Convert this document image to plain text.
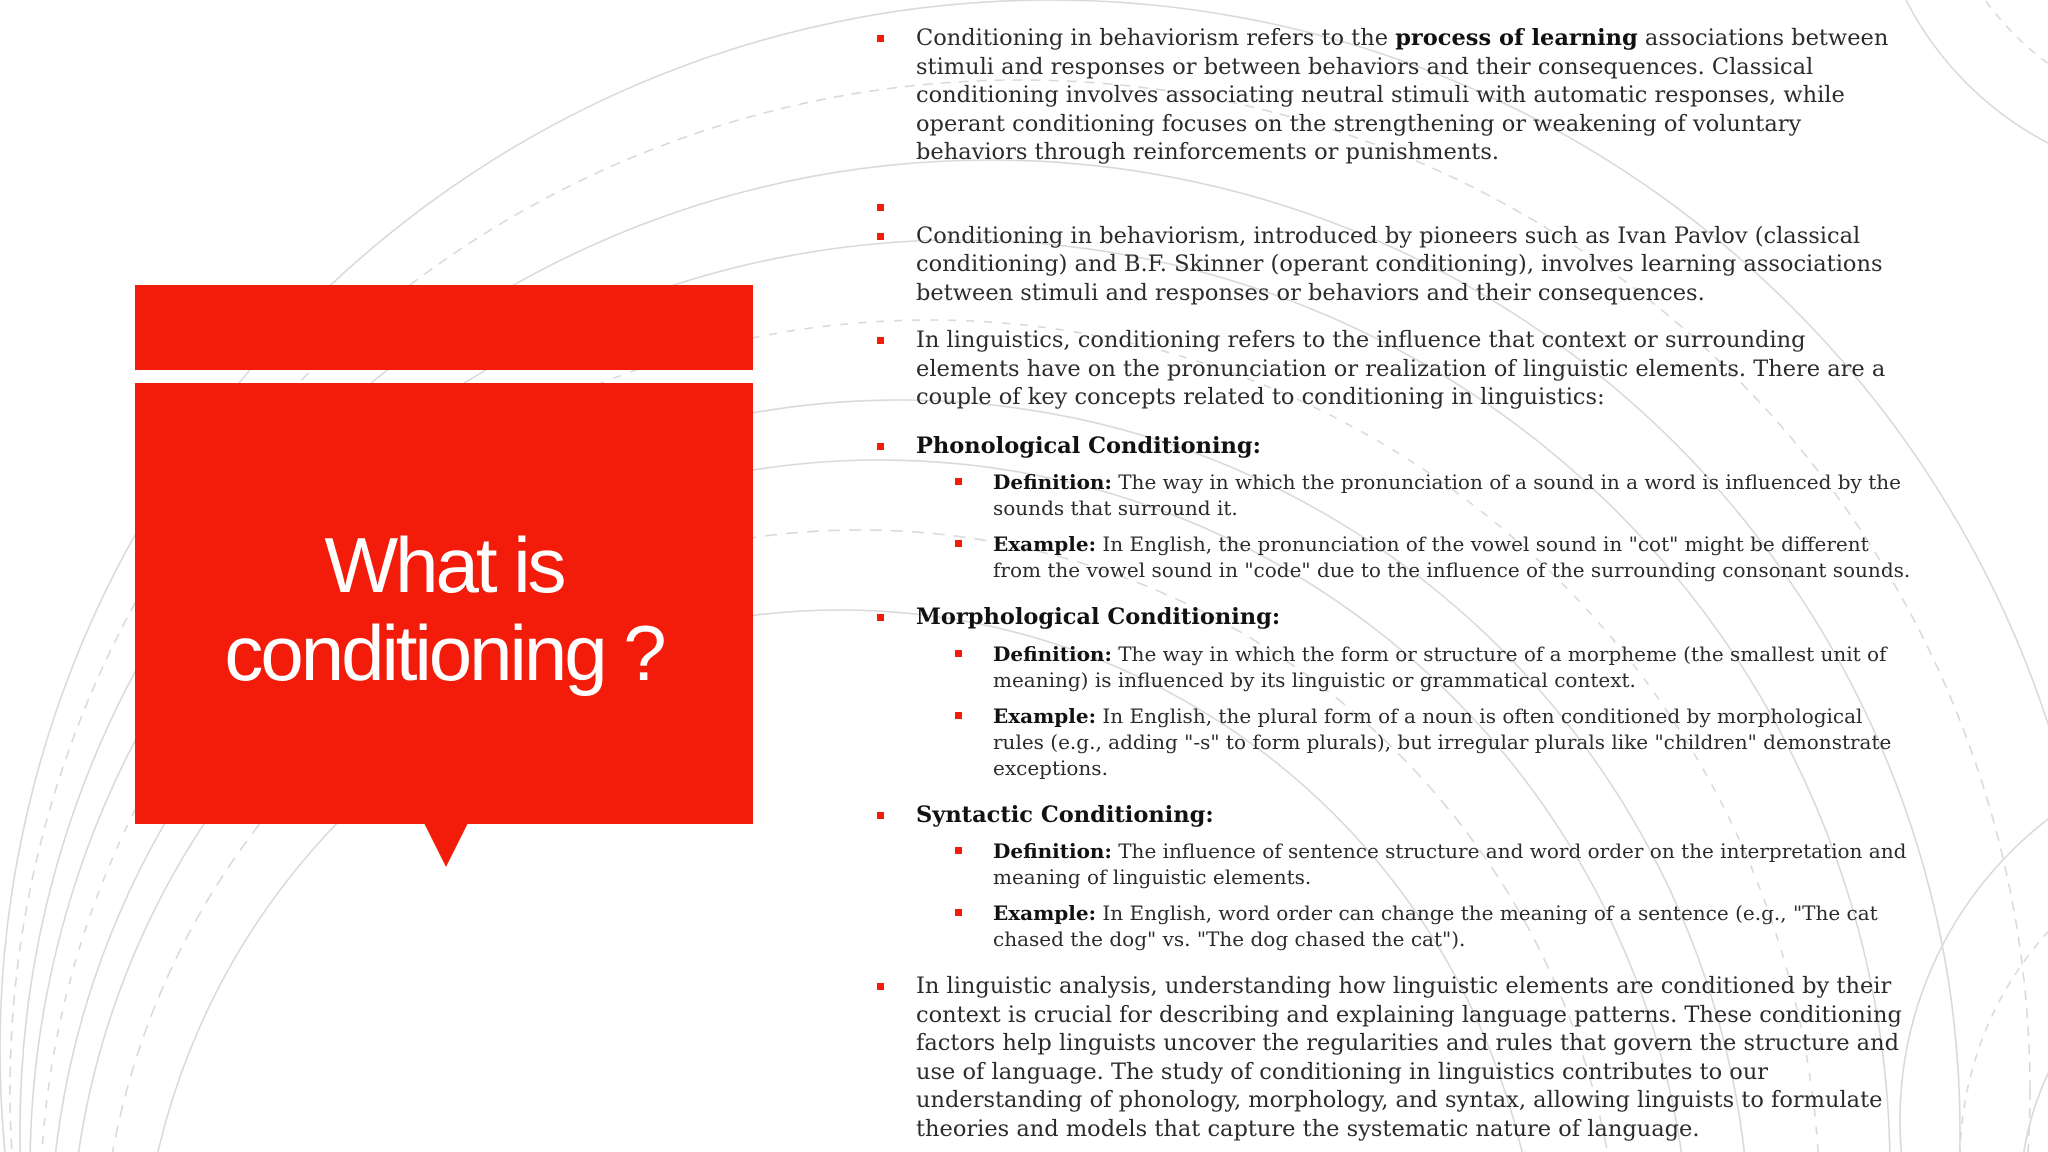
What is
conditioning ?
Conditioning in behaviorism refers to the process of learning associations between stimuli and responses or between behaviors and their consequences. Classical conditioning involves associating neutral stimuli with automatic responses, while operant conditioning focuses on the strengthening or weakening of voluntary behaviors through reinforcements or punishments.
Conditioning in behaviorism, introduced by pioneers such as Ivan Pavlov (classical conditioning) and B.F. Skinner (operant conditioning), involves learning associations between stimuli and responses or behaviors and their consequences.
In linguistics, conditioning refers to the influence that context or surrounding elements have on the pronunciation or realization of linguistic elements. There are a couple of key concepts related to conditioning in linguistics:
Phonological Conditioning:
Definition: The way in which the pronunciation of a sound in a word is influenced by the sounds that surround it.
Example: In English, the pronunciation of the vowel sound in "cot" might be different from the vowel sound in "code" due to the influence of the surrounding consonant sounds.
Morphological Conditioning:
Definition: The way in which the form or structure of a morpheme (the smallest unit of meaning) is influenced by its linguistic or grammatical context.
Example: In English, the plural form of a noun is often conditioned by morphological rules (e.g., adding "-s" to form plurals), but irregular plurals like "children" demonstrate exceptions.
Syntactic Conditioning:
Definition: The influence of sentence structure and word order on the interpretation and meaning of linguistic elements.
Example: In English, word order can change the meaning of a sentence (e.g., "The cat chased the dog" vs. "The dog chased the cat").
In linguistic analysis, understanding how linguistic elements are conditioned by their context is crucial for describing and explaining language patterns. These conditioning factors help linguists uncover the regularities and rules that govern the structure and use of language. The study of conditioning in linguistics contributes to our understanding of phonology, morphology, and syntax, allowing linguists to formulate theories and models that capture the systematic nature of language.
